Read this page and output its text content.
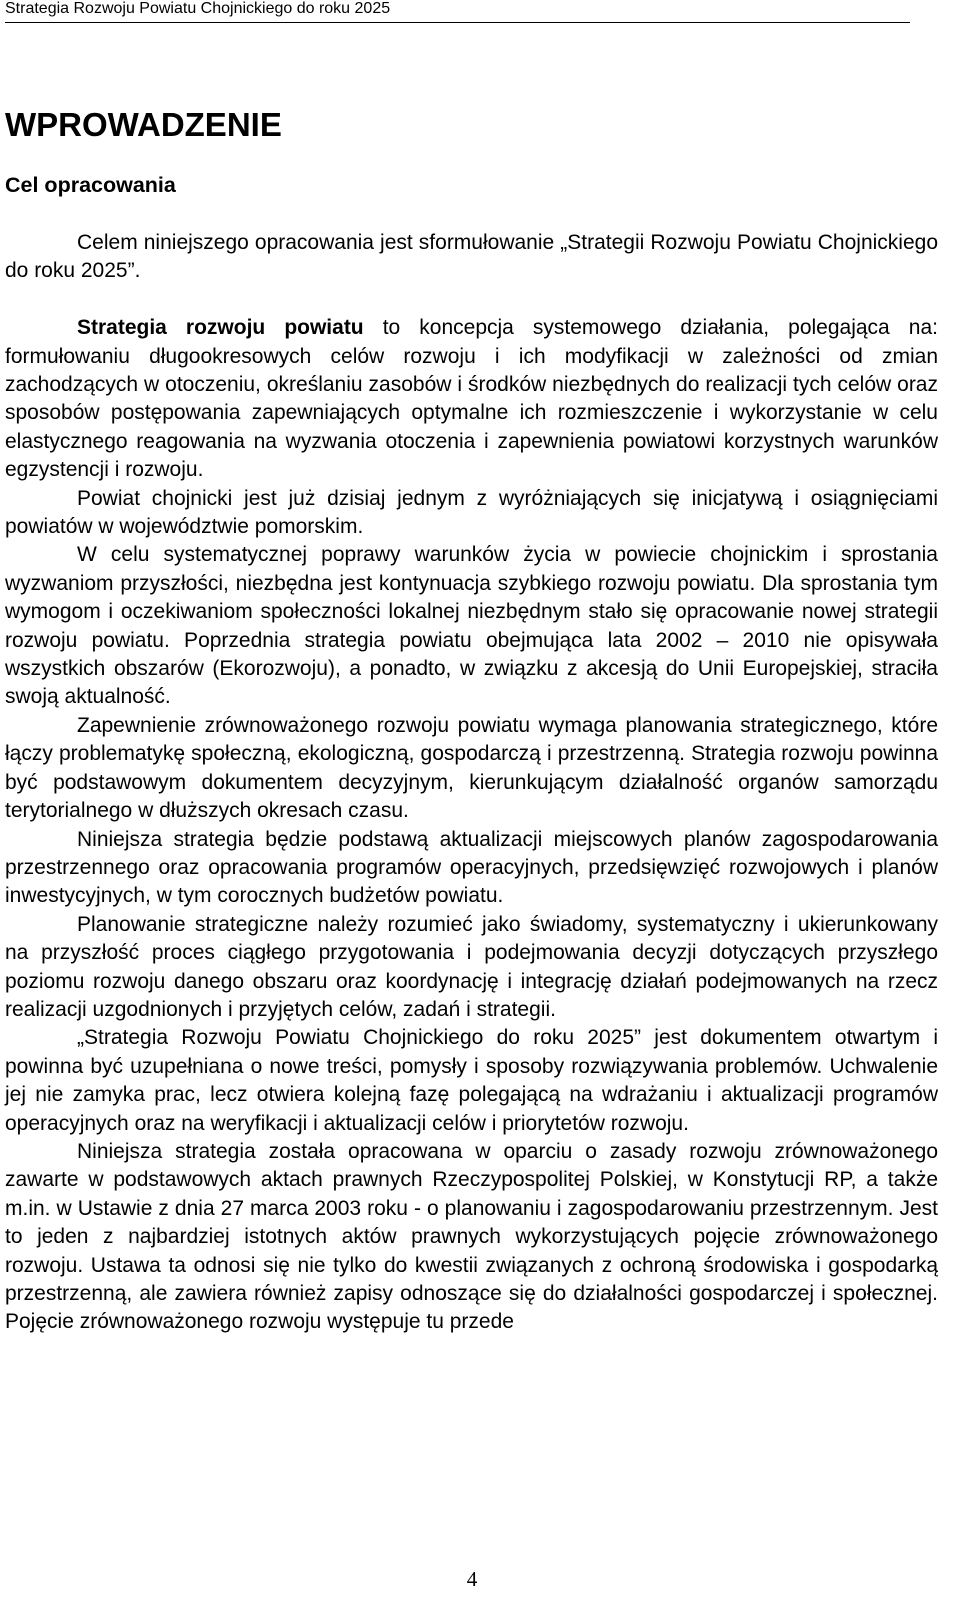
Strategia Rozwoju Powiatu Chojnickiego do roku 2025
WPROWADZENIE
Cel opracowania

Celem niniejszego opracowania jest sformułowanie „Strategii Rozwoju Powiatu Chojnickiego do roku 2025”.

Strategia rozwoju powiatu to koncepcja systemowego działania, polegająca na: formułowaniu długookresowych celów rozwoju i ich modyfikacji w zależności od zmian zachodzących w otoczeniu, określaniu zasobów i środków niezbędnych do realizacji tych celów oraz sposobów postępowania zapewniających optymalne ich rozmieszczenie i wykorzystanie w celu elastycznego reagowania na wyzwania otoczenia i zapewnienia powiatowi korzystnych warunków egzystencji i rozwoju.

Powiat chojnicki jest już dzisiaj jednym z wyróżniających się inicjatywą i osiągnięciami powiatów w województwie pomorskim.

W celu systematycznej poprawy warunków życia w powiecie chojnickim i sprostania wyzwaniom przyszłości, niezbędna jest kontynuacja szybkiego rozwoju powiatu. Dla sprostania tym wymogom i oczekiwaniom społeczności lokalnej niezbędnym stało się opracowanie nowej strategii rozwoju powiatu. Poprzednia strategia powiatu obejmująca lata 2002 – 2010 nie opisywała wszystkich obszarów (Ekorozwoju), a ponadto, w związku z akcesją do Unii Europejskiej, straciła swoją aktualność.

Zapewnienie zrównoważonego rozwoju powiatu wymaga planowania strategicznego, które łączy problematykę społeczną, ekologiczną, gospodarczą i przestrzenną. Strategia rozwoju powinna być podstawowym dokumentem decyzyjnym, kierunkującym działalność organów samorządu terytorialnego w dłuższych okresach czasu.

Niniejsza strategia będzie podstawą aktualizacji miejscowych planów zagospodarowania przestrzennego oraz opracowania programów operacyjnych, przedsięwzięć rozwojowych i planów inwestycyjnych, w tym corocznych budżetów powiatu.

Planowanie strategiczne należy rozumieć jako świadomy, systematyczny i ukierunkowany na przyszłość proces ciągłego przygotowania i podejmowania decyzji dotyczących przyszłego poziomu rozwoju danego obszaru oraz koordynację i integrację działań podejmowanych na rzecz realizacji uzgodnionych i przyjętych celów, zadań i strategii.

„Strategia Rozwoju Powiatu Chojnickiego do roku 2025” jest dokumentem otwartym i powinna być uzupełniana o nowe treści, pomysły i sposoby rozwiązywania problemów. Uchwalenie jej nie zamyka prac, lecz otwiera kolejną fazę polegającą na wdrażaniu i aktualizacji programów operacyjnych oraz na weryfikacji i aktualizacji celów i priorytetów rozwoju.

Niniejsza strategia została opracowana w oparciu o zasady rozwoju zrównoważonego zawarte w podstawowych aktach prawnych Rzeczypospolitej Polskiej, w Konstytucji RP, a także m.in. w Ustawie z dnia 27 marca 2003 roku - o planowaniu i zagospodarowaniu przestrzennym. Jest to jeden z najbardziej istotnych aktów prawnych wykorzystujących pojęcie zrównoważonego rozwoju. Ustawa ta odnosi się nie tylko do kwestii związanych z ochroną środowiska i gospodarką przestrzenną, ale zawiera również zapisy odnoszące się do działalności gospodarczej i społecznej. Pojęcie zrównoważonego rozwoju występuje tu przede

4
